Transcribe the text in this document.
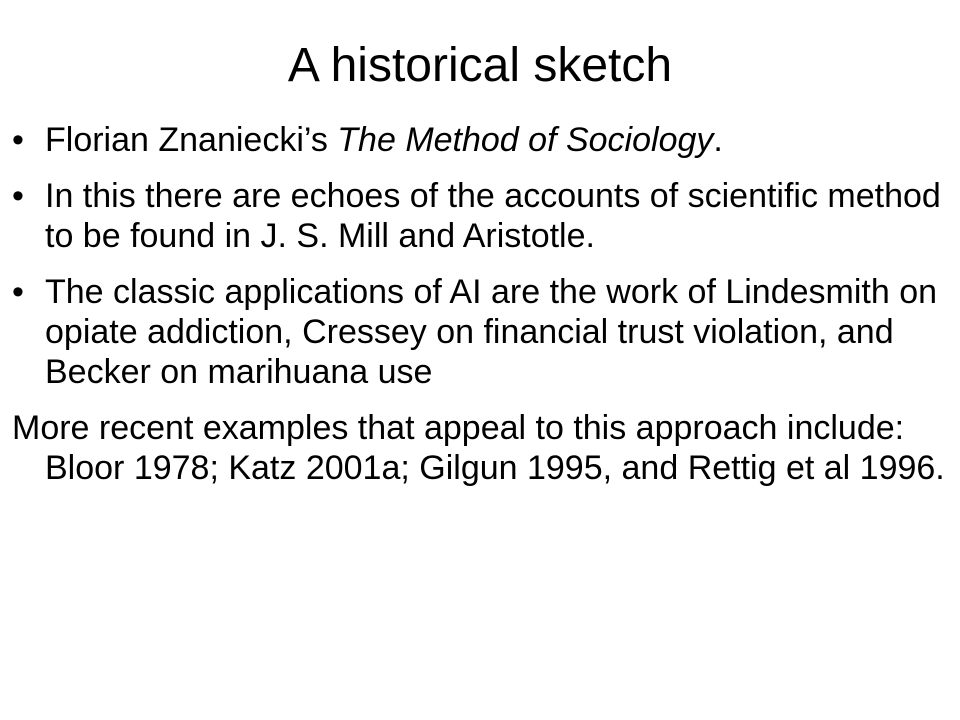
A historical sketch
• Florian Znaniecki’s The Method of Sociology.
• In this there are echoes of the accounts of scientific method to be found in J. S. Mill and Aristotle.
• The classic applications of AI are the work of Lindesmith on opiate addiction, Cressey on financial trust violation, and Becker on marihuana use

More recent examples that appeal to this approach include: Bloor 1978; Katz 2001a; Gilgun 1995, and Rettig et al 1996.
